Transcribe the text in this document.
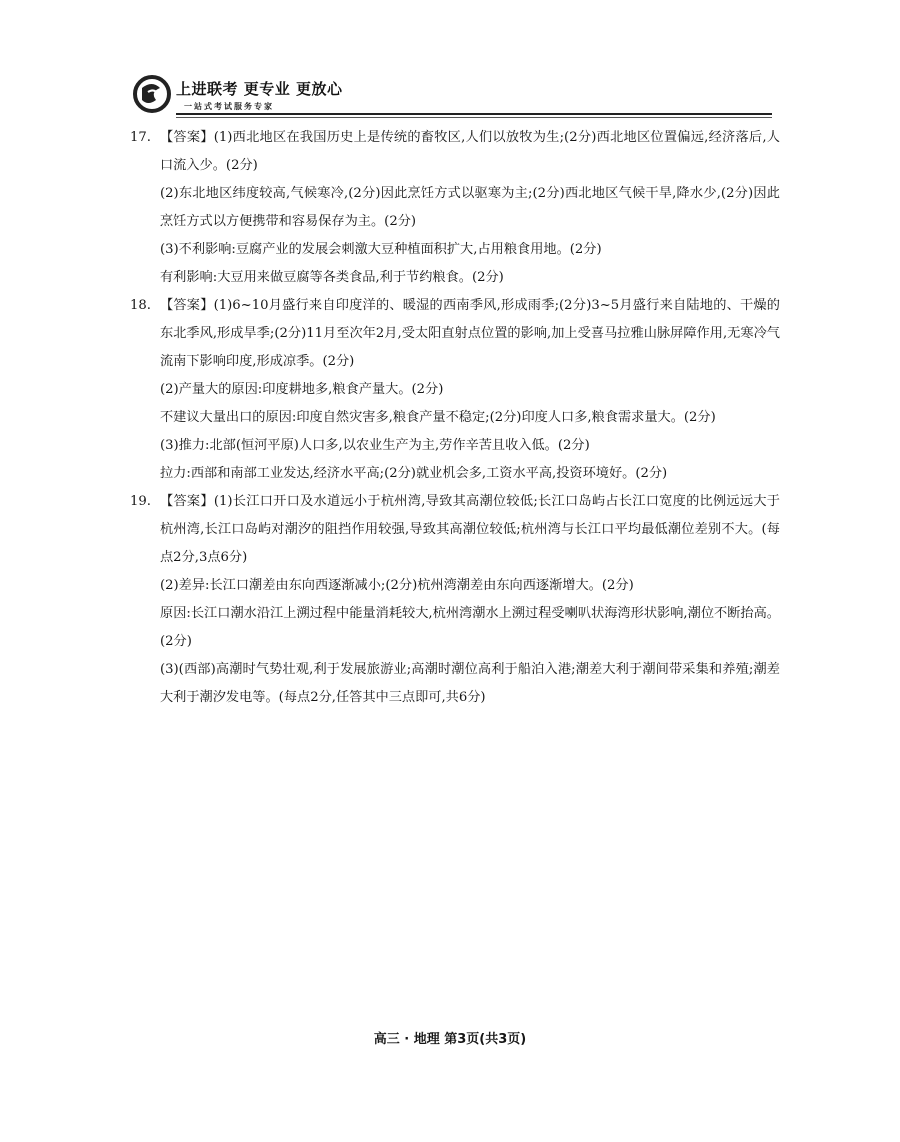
上进联考 更专业 更放心
一站式考试服务专家
17. 【答案】(1)西北地区在我国历史上是传统的畜牧区,人们以放牧为生;(2分)西北地区位置偏远,经济落后,人口流入少。(2分)

(2)东北地区纬度较高,气候寒冷,(2分)因此烹饪方式以驱寒为主;(2分)西北地区气候干旱,降水少,(2分)因此烹饪方式以方便携带和容易保存为主。(2分)

(3)不利影响:豆腐产业的发展会刺激大豆种植面积扩大,占用粮食用地。(2分)

有利影响:大豆用来做豆腐等各类食品,利于节约粮食。(2分)

18. 【答案】(1)6~10月盛行来自印度洋的、暖湿的西南季风,形成雨季;(2分)3~5月盛行来自陆地的、干燥的东北季风,形成旱季;(2分)11月至次年2月,受太阳直射点位置的影响,加上受喜马拉雅山脉屏障作用,无寒冷气流南下影响印度,形成凉季。(2分)

(2)产量大的原因:印度耕地多,粮食产量大。(2分)

不建议大量出口的原因:印度自然灾害多,粮食产量不稳定;(2分)印度人口多,粮食需求量大。(2分)

(3)推力:北部(恒河平原)人口多,以农业生产为主,劳作辛苦且收入低。(2分)

拉力:西部和南部工业发达,经济水平高;(2分)就业机会多,工资水平高,投资环境好。(2分)

19. 【答案】(1)长江口开口及水道远小于杭州湾,导致其高潮位较低;长江口岛屿占长江口宽度的比例远远大于杭州湾,长江口岛屿对潮汐的阻挡作用较强,导致其高潮位较低;杭州湾与长江口平均最低潮位差别不大。(每点2分,3点6分)

(2)差异:长江口潮差由东向西逐渐减小;(2分)杭州湾潮差由东向西逐渐增大。(2分)

原因:长江口潮水沿江上溯过程中能量消耗较大,杭州湾潮水上溯过程受喇叭状海湾形状影响,潮位不断抬高。(2分)

(3)(西部)高潮时气势壮观,利于发展旅游业;高潮时潮位高利于船泊入港;潮差大利于潮间带采集和养殖;潮差大利于潮汐发电等。(每点2分,任答其中三点即可,共6分)

高三 · 地理 第3页(共3页)
